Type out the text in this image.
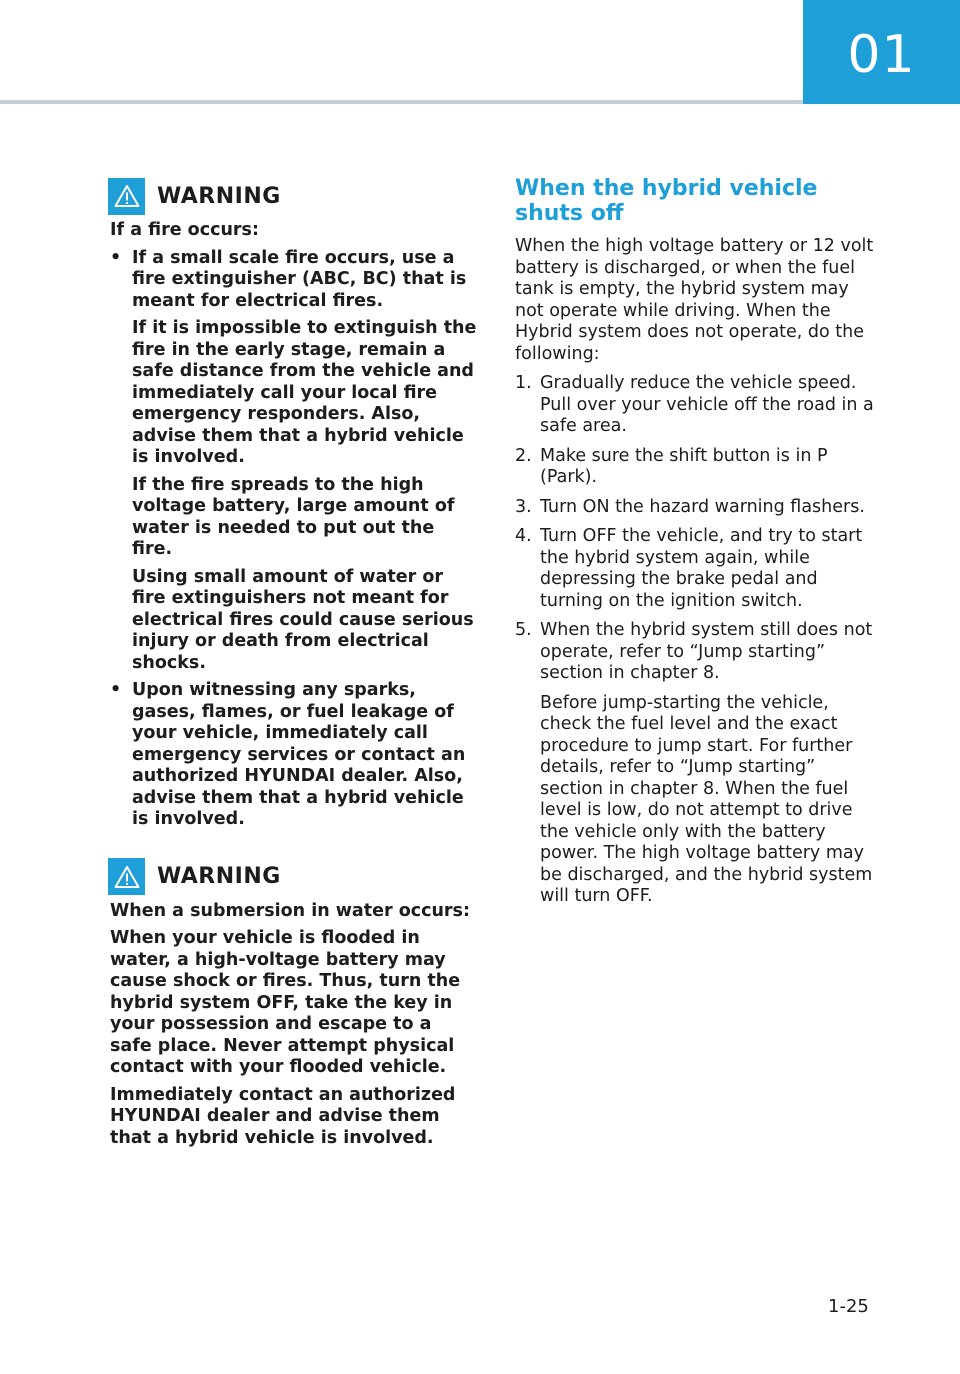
01
WARNING

If a fire occurs:

• If a small scale fire occurs, use a fire extinguisher (ABC, BC) that is meant for electrical fires.

If it is impossible to extinguish the fire in the early stage, remain a safe distance from the vehicle and immediately call your local fire emergency responders. Also, advise them that a hybrid vehicle is involved.

If the fire spreads to the high voltage battery, large amount of water is needed to put out the fire.

Using small amount of water or fire extinguishers not meant for electrical fires could cause serious injury or death from electrical shocks.

• Upon witnessing any sparks, gases, flames, or fuel leakage of your vehicle, immediately call emergency services or contact an authorized HYUNDAI dealer. Also, advise them that a hybrid vehicle is involved.
WARNING

When a submersion in water occurs:

When your vehicle is flooded in water, a high-voltage battery may cause shock or fires. Thus, turn the hybrid system OFF, take the key in your possession and escape to a safe place. Never attempt physical contact with your flooded vehicle.

Immediately contact an authorized HYUNDAI dealer and advise them that a hybrid vehicle is involved.

When the hybrid vehicle shuts off

When the high voltage battery or 12 volt battery is discharged, or when the fuel tank is empty, the hybrid system may not operate while driving. When the Hybrid system does not operate, do the following:

1. Gradually reduce the vehicle speed. Pull over your vehicle off the road in a safe area.
2. Make sure the shift button is in P (Park).
3. Turn ON the hazard warning flashers.
4. Turn OFF the vehicle, and try to start the hybrid system again, while depressing the brake pedal and turning on the ignition switch.
5. When the hybrid system still does not operate, refer to “Jump starting” section in chapter 8.

Before jump-starting the vehicle, check the fuel level and the exact procedure to jump start. For further details, refer to “Jump starting” section in chapter 8. When the fuel level is low, do not attempt to drive the vehicle only with the battery power. The high voltage battery may be discharged, and the hybrid system will turn OFF.

1-25
